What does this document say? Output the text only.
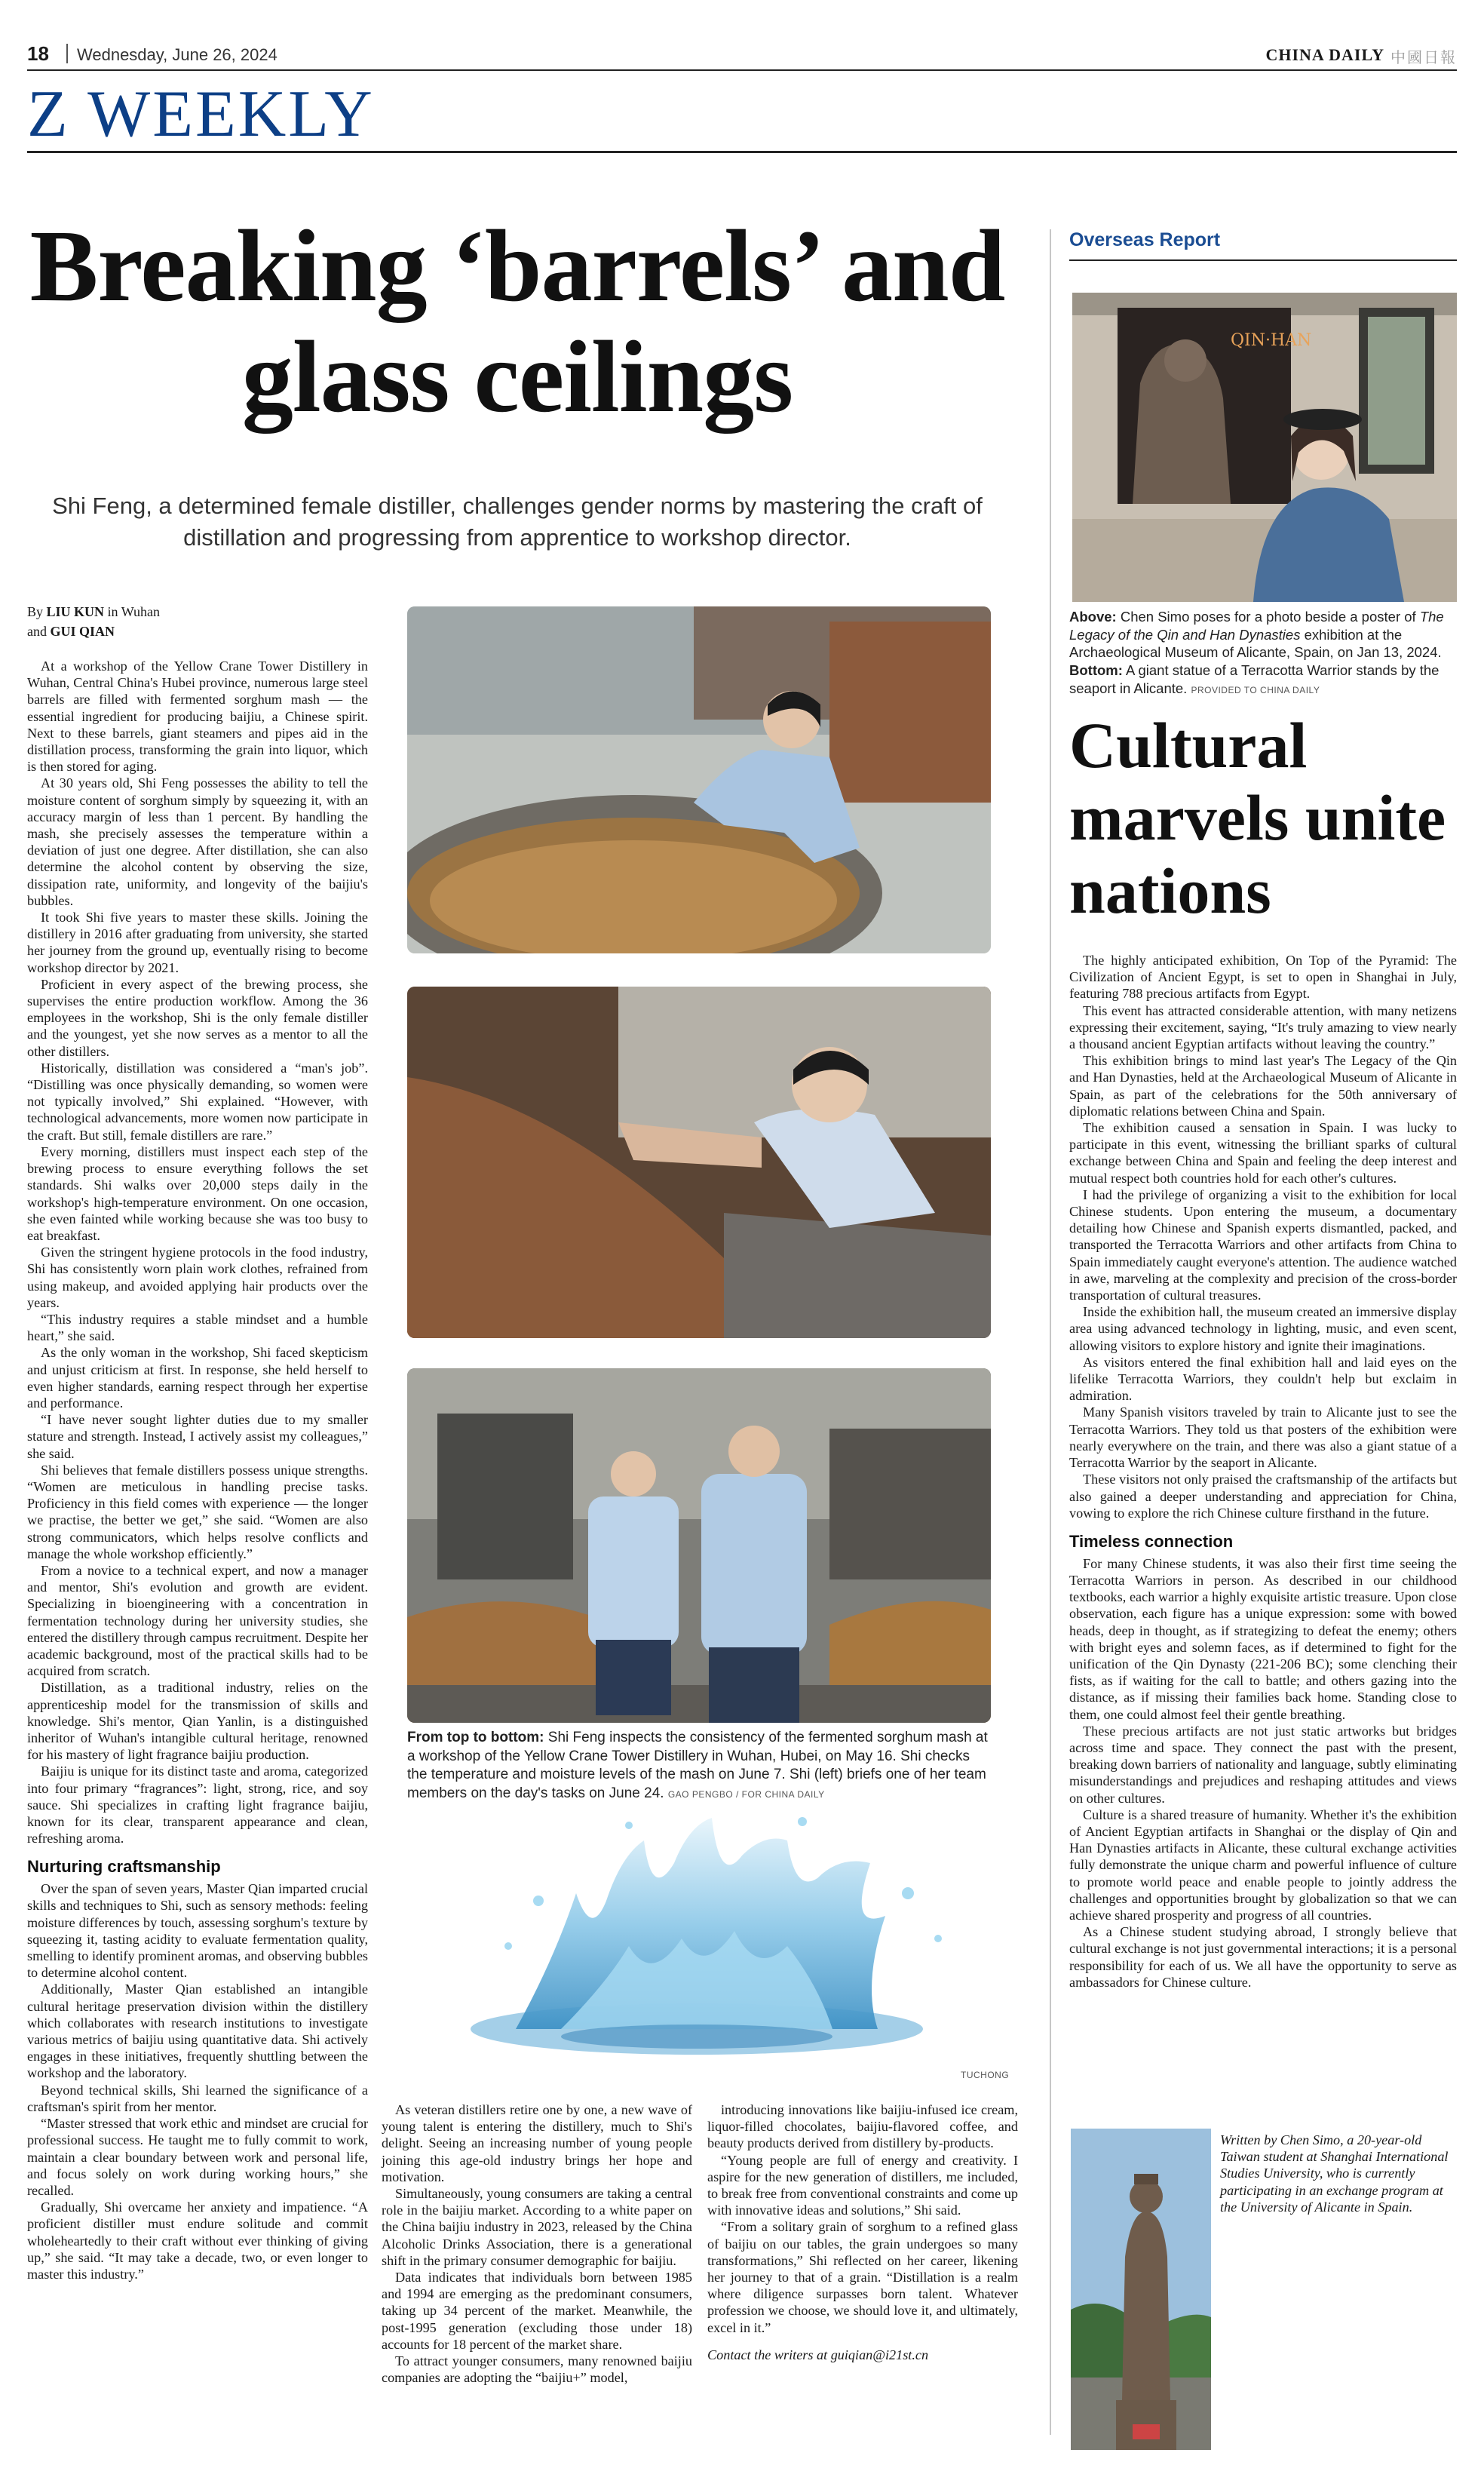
18 Wednesday, June 26, 2024	CHINA DAILY 中國日報
Z WEEKLY
Breaking ‘barrels’ and glass ceilings

Shi Feng, a determined female distiller, challenges gender norms by mastering the craft of distillation and progressing from apprentice to workshop director.

By LIU KUN in Wuhan
and GUI QIAN

At a workshop of the Yellow Crane Tower Distillery in Wuhan, Central China's Hubei province, numerous large steel barrels are filled with fermented sorghum mash — the essential ingredient for producing baijiu, a Chinese spirit. Next to these barrels, giant steamers and pipes aid in the distillation process, transforming the grain into liquor, which is then stored for aging.

At 30 years old, Shi Feng possesses the ability to tell the moisture content of sorghum simply by squeezing it, with an accuracy margin of less than 1 percent. By handling the mash, she precisely assesses the temperature within a deviation of just one degree. After distillation, she can also determine the alcohol content by observing the size, dissipation rate, uniformity, and longevity of the baijiu's bubbles.

It took Shi five years to master these skills. Joining the distillery in 2016 after graduating from university, she started her journey from the ground up, eventually rising to become workshop director by 2021.

Proficient in every aspect of the brewing process, she supervises the entire production workflow. Among the 36 employees in the workshop, Shi is the only female distiller and the youngest, yet she now serves as a mentor to all the other distillers.

Historically, distillation was considered a “man's job”. “Distilling was once physically demanding, so women were not typically involved,” Shi explained. “However, with technological advancements, more women now participate in the craft. But still, female distillers are rare.”

Every morning, distillers must inspect each step of the brewing process to ensure everything follows the set standards. Shi walks over 20,000 steps daily in the workshop's high-temperature environment. On one occasion, she even fainted while working because she was too busy to eat breakfast.

Given the stringent hygiene protocols in the food industry, Shi has consistently worn plain work clothes, refrained from using makeup, and avoided applying hair products over the years.

“This industry requires a stable mindset and a humble heart,” she said.

As the only woman in the workshop, Shi faced skepticism and unjust criticism at first. In response, she held herself to even higher standards, earning respect through her expertise and performance.

“I have never sought lighter duties due to my smaller stature and strength. Instead, I actively assist my colleagues,” she said.

Shi believes that female distillers possess unique strengths. “Women are meticulous in handling precise tasks. Proficiency in this field comes with experience — the longer we practise, the better we get,” she said. “Women are also strong communicators, which helps resolve conflicts and manage the whole workshop efficiently.”

From a novice to a technical expert, and now a manager and mentor, Shi's evolution and growth are evident. Specializing in bioengineering with a concentration in fermentation technology during her university studies, she entered the distillery through campus recruitment. Despite her academic background, most of the practical skills had to be acquired from scratch.

Distillation, as a traditional industry, relies on the apprenticeship model for the transmission of skills and knowledge. Shi's mentor, Qian Yanlin, is a distinguished inheritor of Wuhan's intangible cultural heritage, renowned for his mastery of light fragrance baijiu production.

Baijiu is unique for its distinct taste and aroma, categorized into four primary “fragrances”: light, strong, rice, and soy sauce. Shi specializes in crafting light fragrance baijiu, known for its clear, transparent appearance and clean, refreshing aroma.

Nurturing craftsmanship

Over the span of seven years, Master Qian imparted crucial skills and techniques to Shi, such as sensory methods: feeling moisture differences by touch, assessing sorghum's texture by squeezing it, tasting acidity to evaluate fermentation quality, smelling to identify prominent aromas, and observing bubbles to determine alcohol content.

Additionally, Master Qian established an intangible cultural heritage preservation division within the distillery which collaborates with research institutions to investigate various metrics of baijiu using quantitative data. Shi actively engages in these initiatives, frequently shuttling between the workshop and the laboratory.

Beyond technical skills, Shi learned the significance of a craftsman's spirit from her mentor.

“Master stressed that work ethic and mindset are crucial for professional success. He taught me to fully commit to work, maintain a clear boundary between work and personal life, and focus solely on work during working hours,” she recalled.

Gradually, Shi overcame her anxiety and impatience. “A proficient distiller must endure solitude and commit wholeheartedly to their craft without ever thinking of giving up,” she said. “It may take a decade, two, or even longer to master this industry.”

From top to bottom: Shi Feng inspects the consistency of the fermented sorghum mash at a workshop of the Yellow Crane Tower Distillery in Wuhan, Hubei, on May 16. Shi checks the temperature and moisture levels of the mash on June 7. Shi (left) briefs one of her team members on the day's tasks on June 24. GAO PENGBO / FOR CHINA DAILY
TUCHONG

As veteran distillers retire one by one, a new wave of young talent is entering the distillery, much to Shi's delight. Seeing an increasing number of young people joining this age-old industry brings her hope and motivation.

Simultaneously, young consumers are taking a central role in the baijiu market. According to a white paper on the China baijiu industry in 2023, released by the China Alcoholic Drinks Association, there is a generational shift in the primary consumer demographic for baijiu.

Data indicates that individuals born between 1985 and 1994 are emerging as the predominant consumers, taking up 34 percent of the market. Meanwhile, the post-1995 generation (excluding those under 18) accounts for 18 percent of the market share.

To attract younger consumers, many renowned baijiu companies are adopting the “baijiu+” model,

introducing innovations like baijiu-infused ice cream, liquor-filled chocolates, baijiu-flavored coffee, and beauty products derived from distillery by-products.

“Young people are full of energy and creativity. I aspire for the new generation of distillers, me included, to break free from conventional constraints and come up with innovative ideas and solutions,” Shi said.

“From a solitary grain of sorghum to a refined glass of baijiu on our tables, the grain undergoes so many transformations,” Shi reflected on her career, likening her journey to that of a grain. “Distillation is a realm where diligence surpasses born talent. Whatever profession we choose, we should love it, and ultimately, excel in it.”

Contact the writers at guiqian@i21st.cn

Overseas Report
QIN·HAN
Above: Chen Simo poses for a photo beside a poster of The Legacy of the Qin and Han Dynasties exhibition at the Archaeological Museum of Alicante, Spain, on Jan 13, 2024. Bottom: A giant statue of a Terracotta Warrior stands by the seaport in Alicante. PROVIDED TO CHINA DAILY
Cultural marvels unite nations

The highly anticipated exhibition, On Top of the Pyramid: The Civilization of Ancient Egypt, is set to open in Shanghai in July, featuring 788 precious artifacts from Egypt.

This event has attracted considerable attention, with many netizens expressing their excitement, saying, “It's truly amazing to view nearly a thousand ancient Egyptian artifacts without leaving the country.”

This exhibition brings to mind last year's The Legacy of the Qin and Han Dynasties, held at the Archaeological Museum of Alicante in Spain, as part of the celebrations for the 50th anniversary of diplomatic relations between China and Spain.

The exhibition caused a sensation in Spain. I was lucky to participate in this event, witnessing the brilliant sparks of cultural exchange between China and Spain and feeling the deep interest and mutual respect both countries hold for each other's cultures.

I had the privilege of organizing a visit to the exhibition for local Chinese students. Upon entering the museum, a documentary detailing how Chinese and Spanish experts dismantled, packed, and transported the Terracotta Warriors and other artifacts from China to Spain immediately caught everyone's attention. The audience watched in awe, marveling at the complexity and precision of the cross-border transportation of cultural treasures.

Inside the exhibition hall, the museum created an immersive display area using advanced technology in lighting, music, and even scent, allowing visitors to explore history and ignite their imaginations.

As visitors entered the final exhibition hall and laid eyes on the lifelike Terracotta Warriors, they couldn't help but exclaim in admiration.

Many Spanish visitors traveled by train to Alicante just to see the Terracotta Warriors. They told us that posters of the exhibition were nearly everywhere on the train, and there was also a giant statue of a Terracotta Warrior by the seaport in Alicante.

These visitors not only praised the craftsmanship of the artifacts but also gained a deeper understanding and appreciation for China, vowing to explore the rich Chinese culture firsthand in the future.

Timeless connection

For many Chinese students, it was also their first time seeing the Terracotta Warriors in person. As described in our childhood textbooks, each warrior a highly exquisite artistic treasure. Upon close observation, each figure has a unique expression: some with bowed heads, deep in thought, as if strategizing to defeat the enemy; others with bright eyes and solemn faces, as if determined to fight for the unification of the Qin Dynasty (221-206 BC); some clenching their fists, as if waiting for the call to battle; and others gazing into the distance, as if missing their families back home. Standing close to them, one could almost feel their gentle breathing.

These precious artifacts are not just static artworks but bridges across time and space. They connect the past with the present, breaking down barriers of nationality and language, subtly eliminating misunderstandings and prejudices and reshaping attitudes and views on other cultures.

Culture is a shared treasure of humanity. Whether it's the exhibition of Ancient Egyptian artifacts in Shanghai or the display of Qin and Han Dynasties artifacts in Alicante, these cultural exchange activities fully demonstrate the unique charm and powerful influence of culture to promote world peace and enable people to jointly address the challenges and opportunities brought by globalization so that we can achieve shared prosperity and progress of all countries.

As a Chinese student studying abroad, I strongly believe that cultural exchange is not just governmental interactions; it is a personal responsibility for each of us. We all have the opportunity to serve as ambassadors for Chinese culture.

Written by Chen Simo, a 20-year-old Taiwan student at Shanghai International Studies University, who is currently participating in an exchange program at the University of Alicante in Spain.
